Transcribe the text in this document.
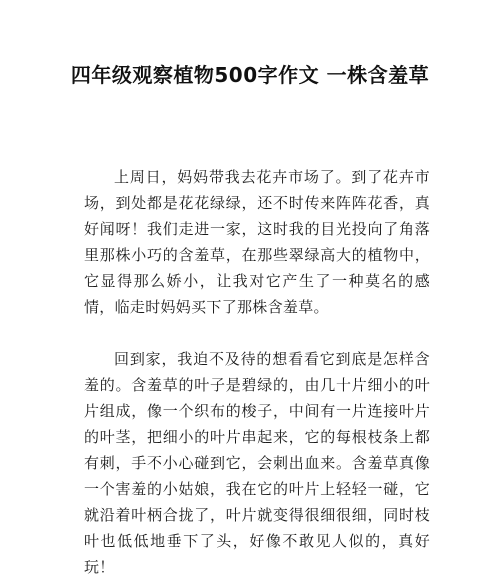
四年级观察植物500字作文 一株含羞草

上周日，妈妈带我去花卉市场了。到了花卉市场，到处都是花花绿绿，还不时传来阵阵花香，真好闻呀！我们走进一家，这时我的目光投向了角落里那株小巧的含羞草，在那些翠绿高大的植物中，它显得那么娇小，让我对它产生了一种莫名的感情，临走时妈妈买下了那株含羞草。

回到家，我迫不及待的想看看它到底是怎样含羞的。含羞草的叶子是碧绿的，由几十片细小的叶片组成，像一个织布的梭子，中间有一片连接叶片的叶茎，把细小的叶片串起来，它的每根枝条上都有刺，手不小心碰到它，会刺出血来。含羞草真像一个害羞的小姑娘，我在它的叶片上轻轻一碰，它就沿着叶柄合拢了，叶片就变得很细很细，同时枝叶也低低地垂下了头，好像不敢见人似的，真好玩！
